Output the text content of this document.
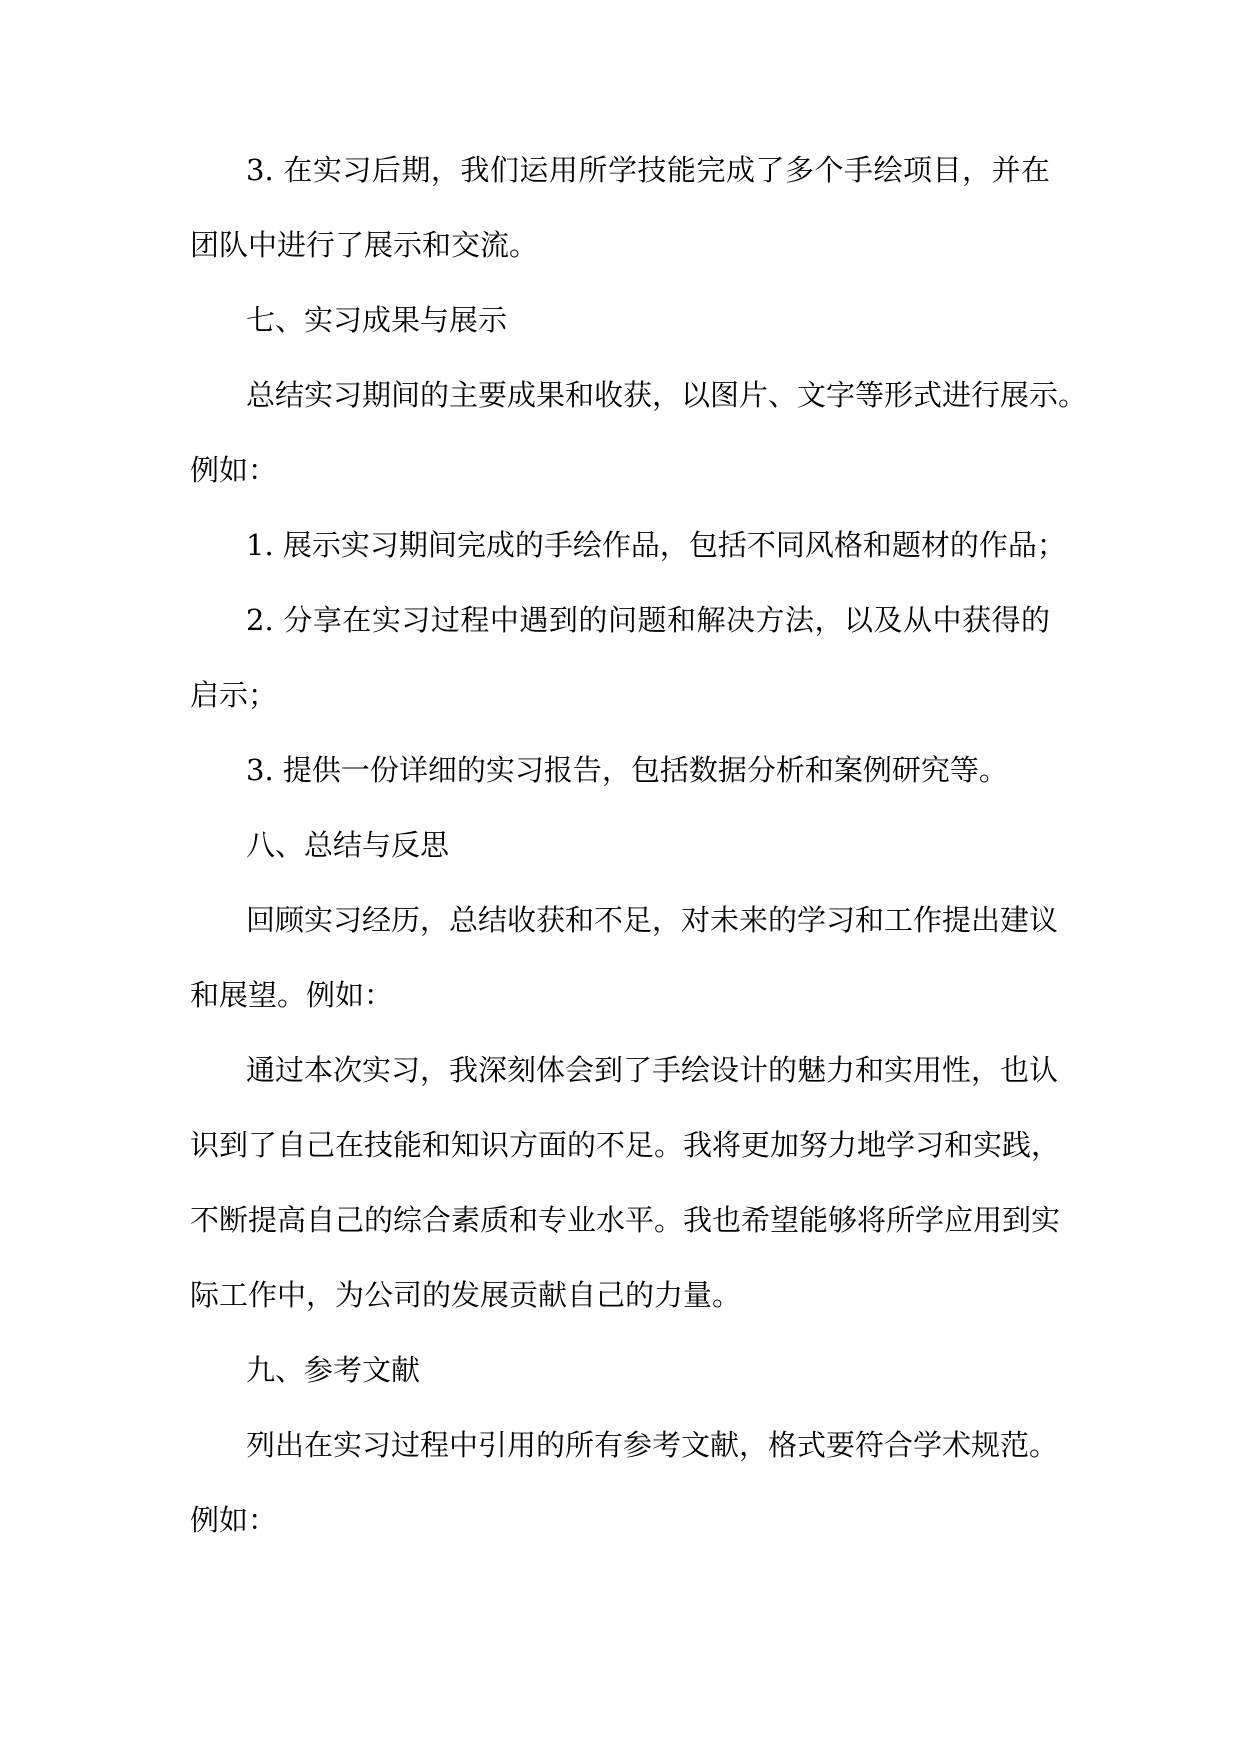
3. 在实习后期，我们运用所学技能完成了多个手绘项目，并在
团队中进行了展示和交流。
七、实习成果与展示
总结实习期间的主要成果和收获，以图片、文字等形式进行展示。
例如：
1. 展示实习期间完成的手绘作品，包括不同风格和题材的作品；
2. 分享在实习过程中遇到的问题和解决方法，以及从中获得的
启示；
3. 提供一份详细的实习报告，包括数据分析和案例研究等。
八、总结与反思
回顾实习经历，总结收获和不足，对未来的学习和工作提出建议
和展望。例如：
通过本次实习，我深刻体会到了手绘设计的魅力和实用性，也认
识到了自己在技能和知识方面的不足。我将更加努力地学习和实践，
不断提高自己的综合素质和专业水平。我也希望能够将所学应用到实
际工作中，为公司的发展贡献自己的力量。
九、参考文献
列出在实习过程中引用的所有参考文献，格式要符合学术规范。
例如：
